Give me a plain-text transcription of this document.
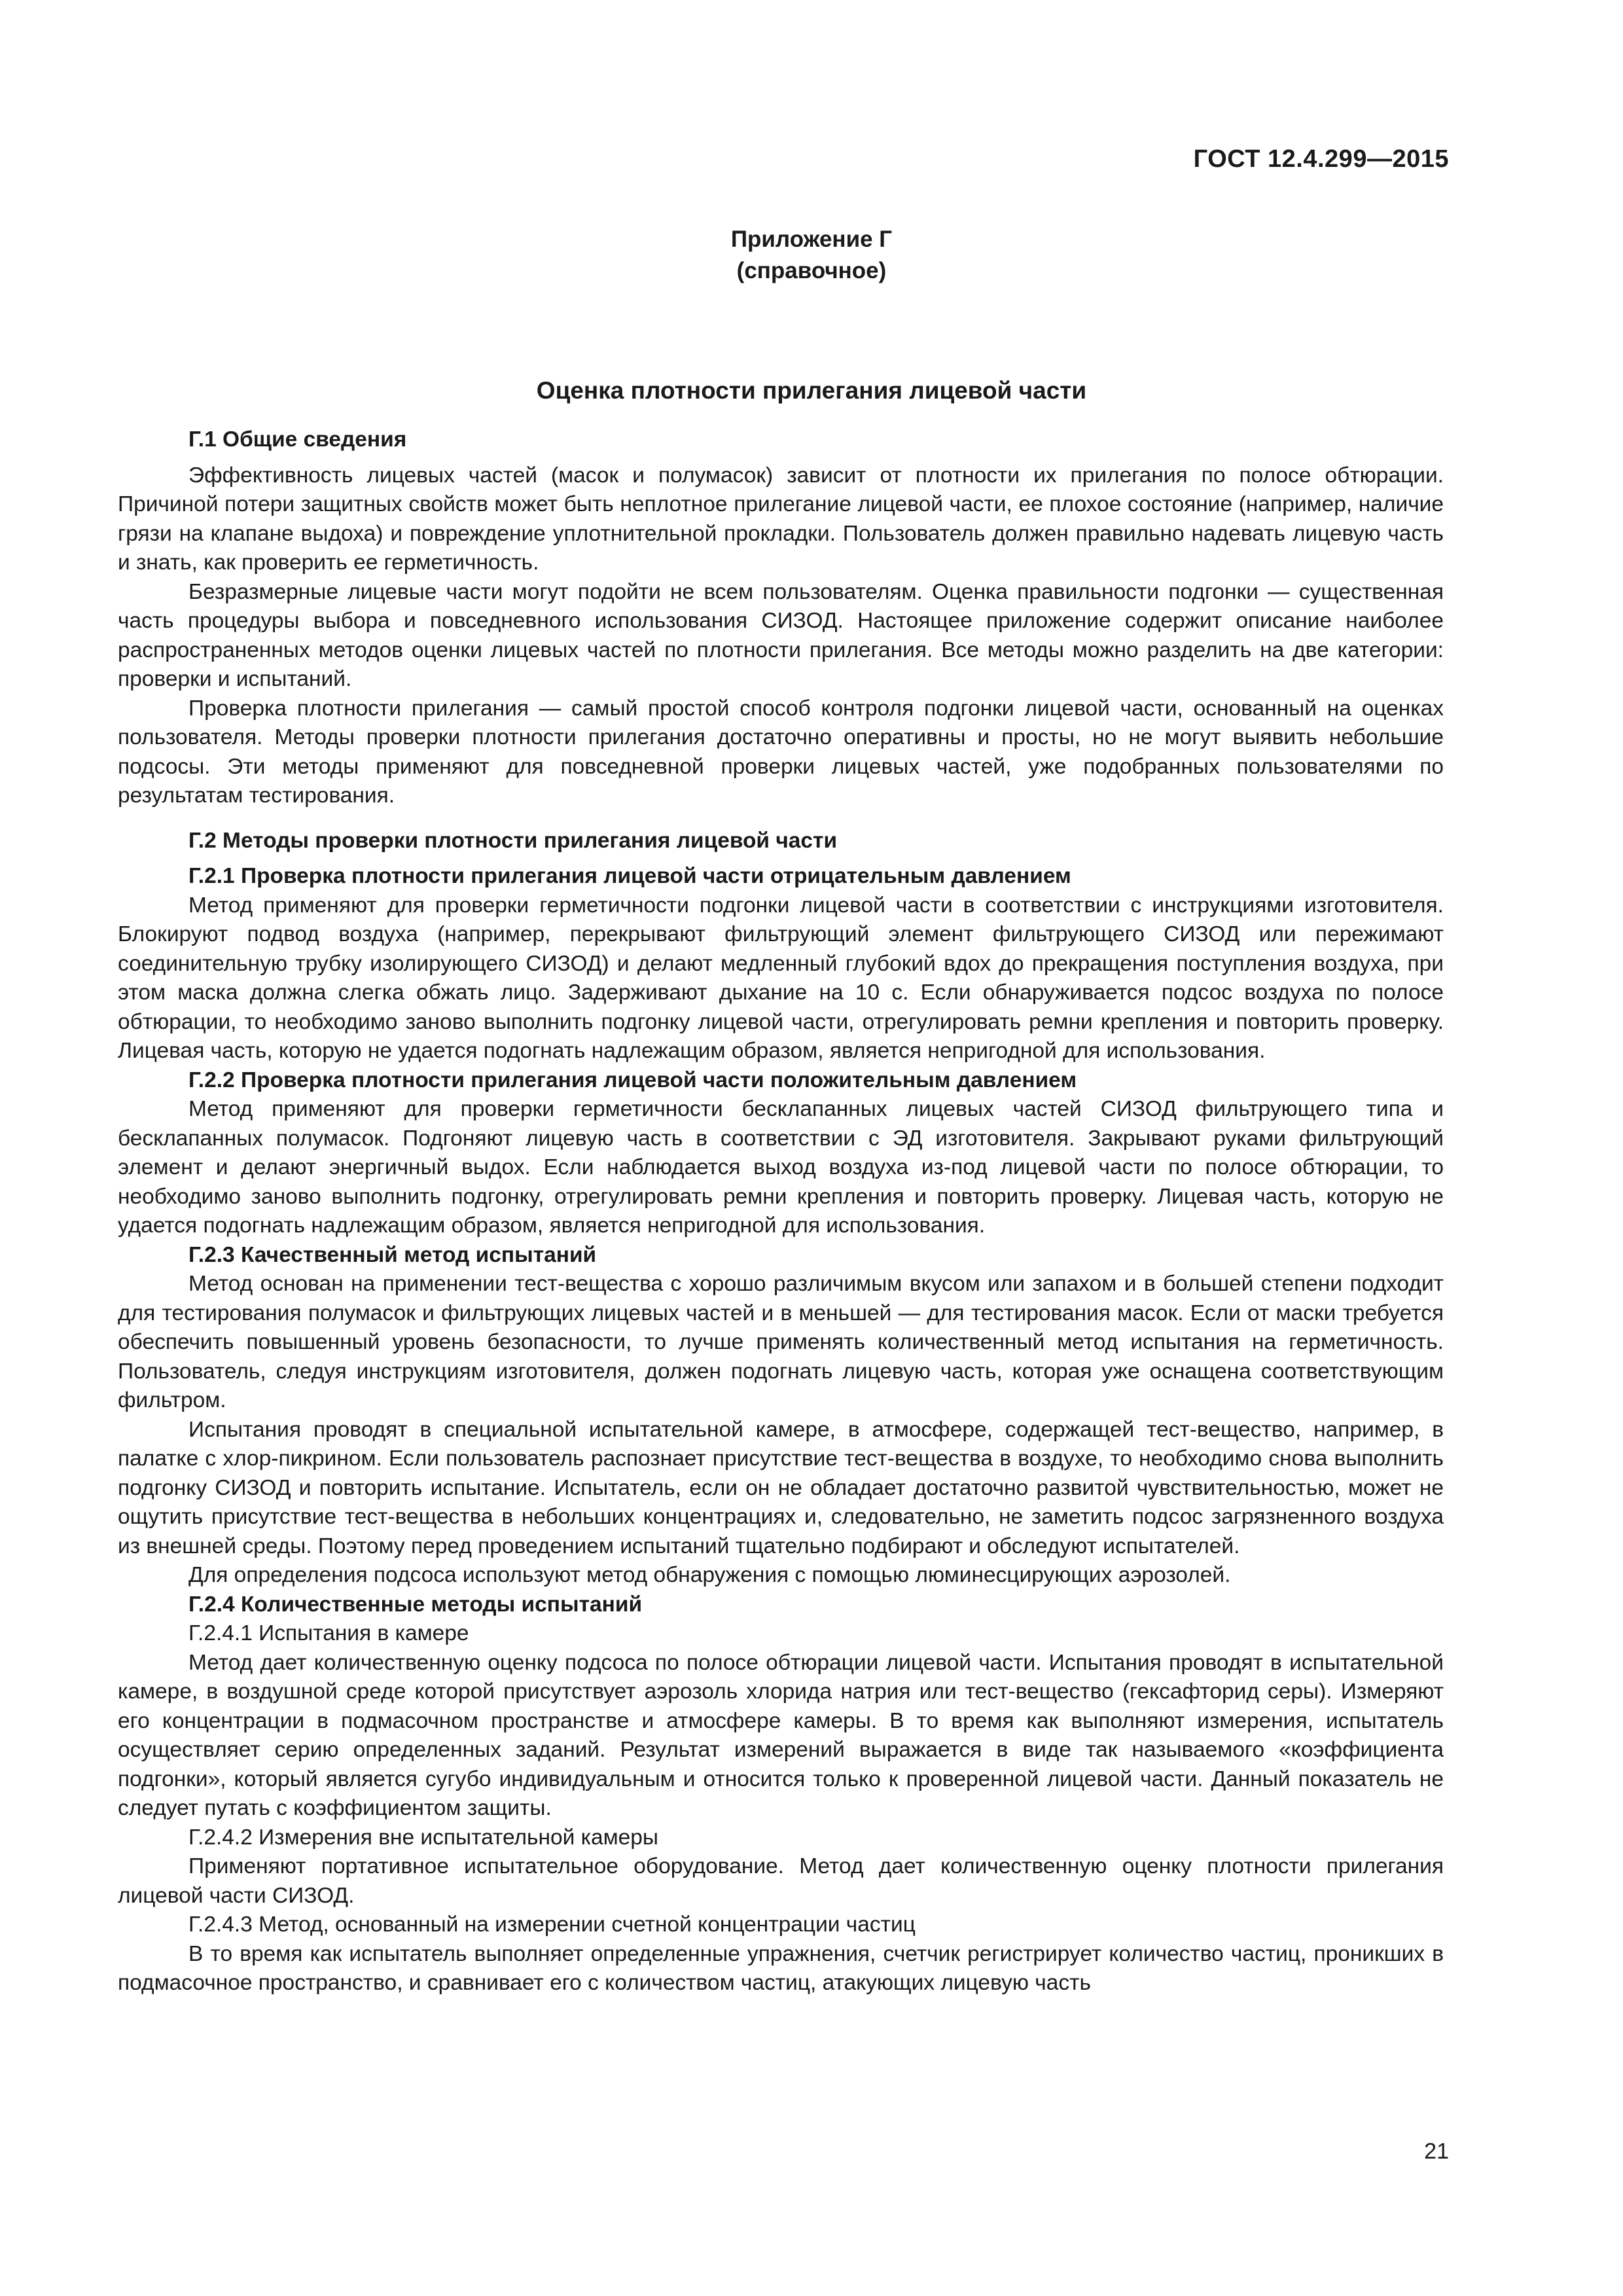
ГОСТ 12.4.299—2015
Приложение Г
(справочное)
Оценка плотности прилегания лицевой части
Г.1 Общие сведения

Эффективность лицевых частей (масок и полумасок) зависит от плотности их прилегания по полосе обтюрации. Причиной потери защитных свойств может быть неплотное прилегание лицевой части, ее плохое состояние (например, наличие грязи на клапане выдоха) и повреждение уплотнительной прокладки. Пользователь должен правильно надевать лицевую часть и знать, как проверить ее герметичность.

Безразмерные лицевые части могут подойти не всем пользователям. Оценка правильности подгонки — существенная часть процедуры выбора и повседневного использования СИЗОД. Настоящее приложение содержит описание наиболее распространенных методов оценки лицевых частей по плотности прилегания. Все методы можно разделить на две категории: проверки и испытаний.

Проверка плотности прилегания — самый простой способ контроля подгонки лицевой части, основанный на оценках пользователя. Методы проверки плотности прилегания достаточно оперативны и просты, но не могут выявить небольшие подсосы. Эти методы применяют для повседневной проверки лицевых частей, уже подобранных пользователями по результатам тестирования.

Г.2 Методы проверки плотности прилегания лицевой части
Г.2.1 Проверка плотности прилегания лицевой части отрицательным давлением

Метод применяют для проверки герметичности подгонки лицевой части в соответствии с инструкциями изготовителя. Блокируют подвод воздуха (например, перекрывают фильтрующий элемент фильтрующего СИЗОД или пережимают соединительную трубку изолирующего СИЗОД) и делают медленный глубокий вдох до прекращения поступления воздуха, при этом маска должна слегка обжать лицо. Задерживают дыхание на 10 с. Если обнаруживается подсос воздуха по полосе обтюрации, то необходимо заново выполнить подгонку лицевой части, отрегулировать ремни крепления и повторить проверку. Лицевая часть, которую не удается подогнать надлежащим образом, является непригодной для использования.

Г.2.2 Проверка плотности прилегания лицевой части положительным давлением

Метод применяют для проверки герметичности бесклапанных лицевых частей СИЗОД фильтрующего типа и бесклапанных полумасок. Подгоняют лицевую часть в соответствии с ЭД изготовителя. Закрывают руками фильтрующий элемент и делают энергичный выдох. Если наблюдается выход воздуха из-под лицевой части по полосе обтюрации, то необходимо заново выполнить подгонку, отрегулировать ремни крепления и повторить проверку. Лицевая часть, которую не удается подогнать надлежащим образом, является непригодной для использования.

Г.2.3 Качественный метод испытаний

Метод основан на применении тест-вещества с хорошо различимым вкусом или запахом и в большей степени подходит для тестирования полумасок и фильтрующих лицевых частей и в меньшей — для тестирования масок. Если от маски требуется обеспечить повышенный уровень безопасности, то лучше применять количественный метод испытания на герметичность. Пользователь, следуя инструкциям изготовителя, должен подогнать лицевую часть, которая уже оснащена соответствующим фильтром.

Испытания проводят в специальной испытательной камере, в атмосфере, содержащей тест-вещество, например, в палатке с хлор-пикрином. Если пользователь распознает присутствие тест-вещества в воздухе, то необходимо снова выполнить подгонку СИЗОД и повторить испытание. Испытатель, если он не обладает достаточно развитой чувствительностью, может не ощутить присутствие тест-вещества в небольших концентрациях и, следовательно, не заметить подсос загрязненного воздуха из внешней среды. Поэтому перед проведением испытаний тщательно подбирают и обследуют испытателей.

Для определения подсоса используют метод обнаружения с помощью люминесцирующих аэрозолей.

Г.2.4 Количественные методы испытаний
Г.2.4.1 Испытания в камере

Метод дает количественную оценку подсоса по полосе обтюрации лицевой части. Испытания проводят в испытательной камере, в воздушной среде которой присутствует аэрозоль хлорида натрия или тест-вещество (гексафторид серы). Измеряют его концентрации в подмасочном пространстве и атмосфере камеры. В то время как выполняют измерения, испытатель осуществляет серию определенных заданий. Результат измерений выражается в виде так называемого «коэффициента подгонки», который является сугубо индивидуальным и относится только к проверенной лицевой части. Данный показатель не следует путать с коэффициентом защиты.

Г.2.4.2 Измерения вне испытательной камеры

Применяют портативное испытательное оборудование. Метод дает количественную оценку плотности прилегания лицевой части СИЗОД.

Г.2.4.3 Метод, основанный на измерении счетной концентрации частиц

В то время как испытатель выполняет определенные упражнения, счетчик регистрирует количество частиц, проникших в подмасочное пространство, и сравнивает его с количеством частиц, атакующих лицевую часть

21
